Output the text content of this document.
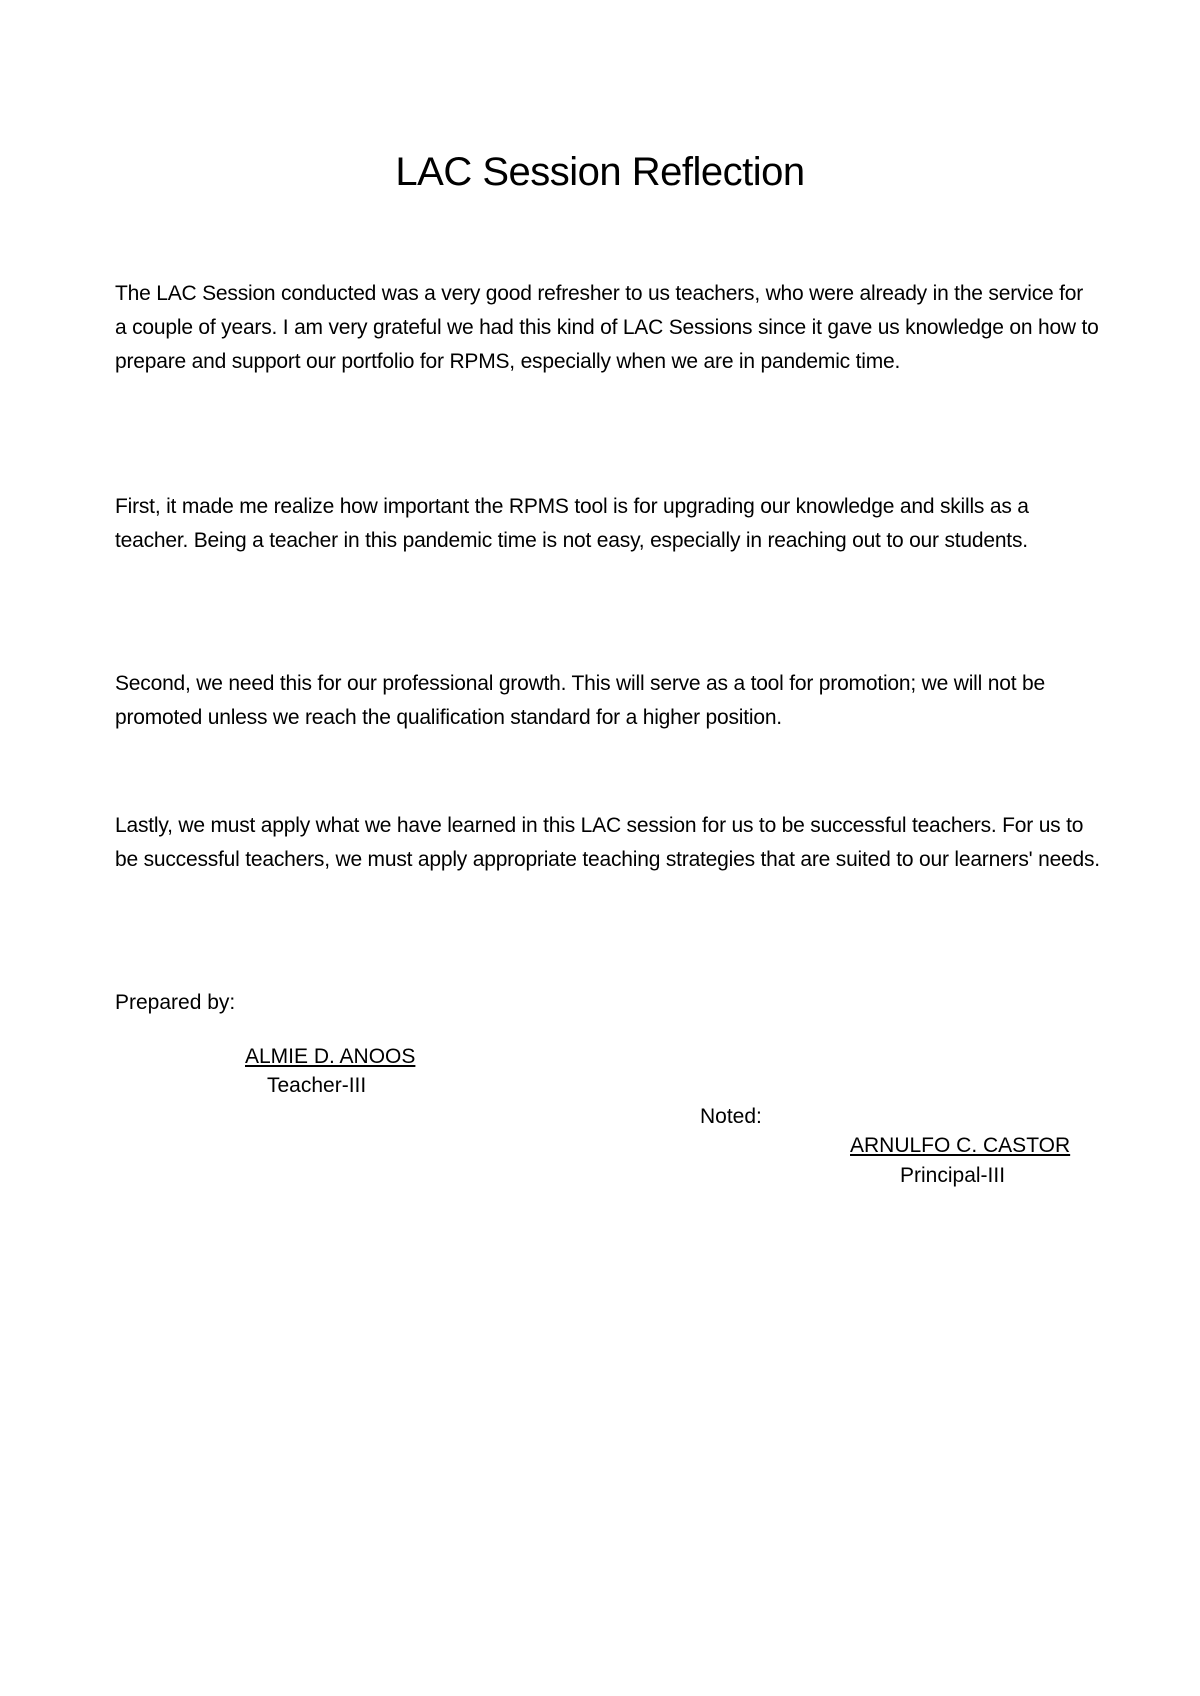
LAC Session Reflection

The LAC Session conducted was a very good refresher to us teachers, who were already in the service for a couple of years. I am very grateful we had this kind of LAC Sessions since it gave us knowledge on how to prepare and support our portfolio for RPMS, especially when we are in pandemic time.

First, it made me realize how important the RPMS tool is for upgrading our knowledge and skills as a teacher. Being a teacher in this pandemic time is not easy, especially in reaching out to our students.

Second, we need this for our professional growth. This will serve as a tool for promotion; we will not be promoted unless we reach the qualification standard for a higher position.

Lastly, we must apply what we have learned in this LAC session for us to be successful teachers. For us to be successful teachers, we must apply appropriate teaching strategies that are suited to our learners' needs.

Prepared by:
ALMIE D. ANOOS
Teacher-III
Noted:
ARNULFO C. CASTOR
Principal-III
